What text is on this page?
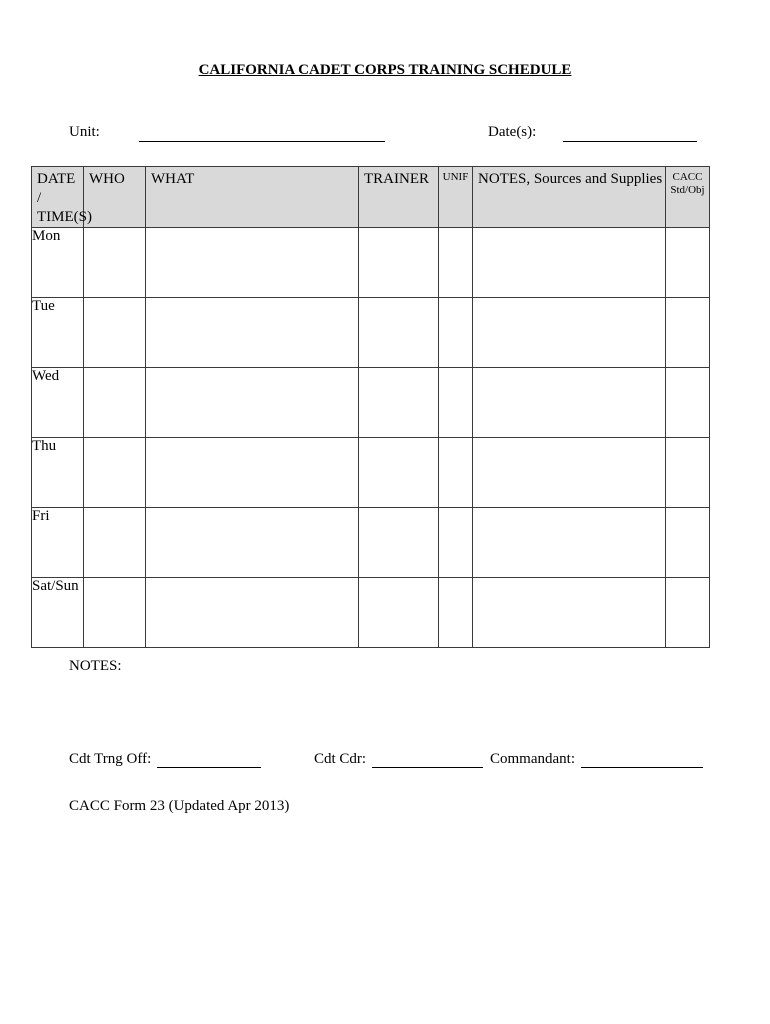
CALIFORNIA CADET CORPS TRAINING SCHEDULE
Unit:	Date(s):
DATE / TIME(S)	WHO	WHAT	TRAINER	UNIF	NOTES, Sources and Supplies	CACC
Std/Obj
Mon						
Tue						
Wed						
Thu						
Fri						
Sat/Sun						
NOTES:
Cdt Trng Off:	Cdt Cdr:	Commandant:
CACC Form 23 (Updated Apr 2013)
